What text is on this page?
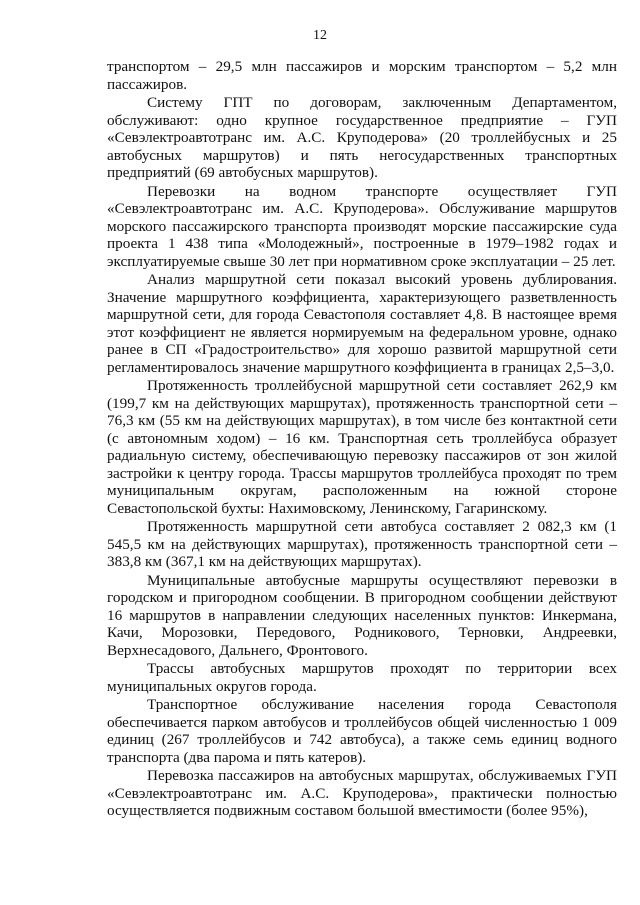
12

транспортом – 29,5 млн пассажиров и морским транспортом – 5,2 млн пассажиров.

Систему ГПТ по договорам, заключенным Департаментом, обслуживают: одно крупное государственное предприятие – ГУП «Севэлектроавтотранс им. А.С. Круподерова» (20 троллейбусных и 25 автобусных маршрутов) и пять негосударственных транспортных предприятий (69 автобусных маршрутов).

Перевозки на водном транспорте осуществляет ГУП «Севэлектроавтотранс им. А.С. Круподерова». Обслуживание маршрутов морского пассажирского транспорта производят морские пассажирские суда проекта 1 438 типа «Молодежный», построенные в 1979–1982 годах и эксплуатируемые свыше 30 лет при нормативном сроке эксплуатации – 25 лет.

Анализ маршрутной сети показал высокий уровень дублирования. Значение маршрутного коэффициента, характеризующего разветвленность маршрутной сети, для города Севастополя составляет 4,8. В настоящее время этот коэффициент не является нормируемым на федеральном уровне, однако ранее в СП «Градостроительство» для хорошо развитой маршрутной сети регламентировалось значение маршрутного коэффициента в границах 2,5–3,0.

Протяженность троллейбусной маршрутной сети составляет 262,9 км (199,7 км на действующих маршрутах), протяженность транспортной сети – 76,3 км (55 км на действующих маршрутах), в том числе без контактной сети (с автономным ходом) – 16 км. Транспортная сеть троллейбуса образует радиальную систему, обеспечивающую перевозку пассажиров от зон жилой застройки к центру города. Трассы маршрутов троллейбуса проходят по трем муниципальным округам, расположенным на южной стороне Севастопольской бухты: Нахимовскому, Ленинскому, Гагаринскому.

Протяженность маршрутной сети автобуса составляет 2 082,3 км (1 545,5 км на действующих маршрутах), протяженность транспортной сети – 383,8 км (367,1 км на действующих маршрутах).

Муниципальные автобусные маршруты осуществляют перевозки в городском и пригородном сообщении. В пригородном сообщении действуют 16 маршрутов в направлении следующих населенных пунктов: Инкермана, Качи, Морозовки, Передового, Родникового, Терновки, Андреевки, Верхнесадового, Дальнего, Фронтового.

Трассы автобусных маршрутов проходят по территории всех муниципальных округов города.

Транспортное обслуживание населения города Севастополя обеспечивается парком автобусов и троллейбусов общей численностью 1 009 единиц (267 троллейбусов и 742 автобуса), а также семь единиц водного транспорта (два парома и пять катеров).

Перевозка пассажиров на автобусных маршрутах, обслуживаемых ГУП «Севэлектроавтотранс им. А.С. Круподерова», практически полностью осуществляется подвижным составом большой вместимости (более 95%),
